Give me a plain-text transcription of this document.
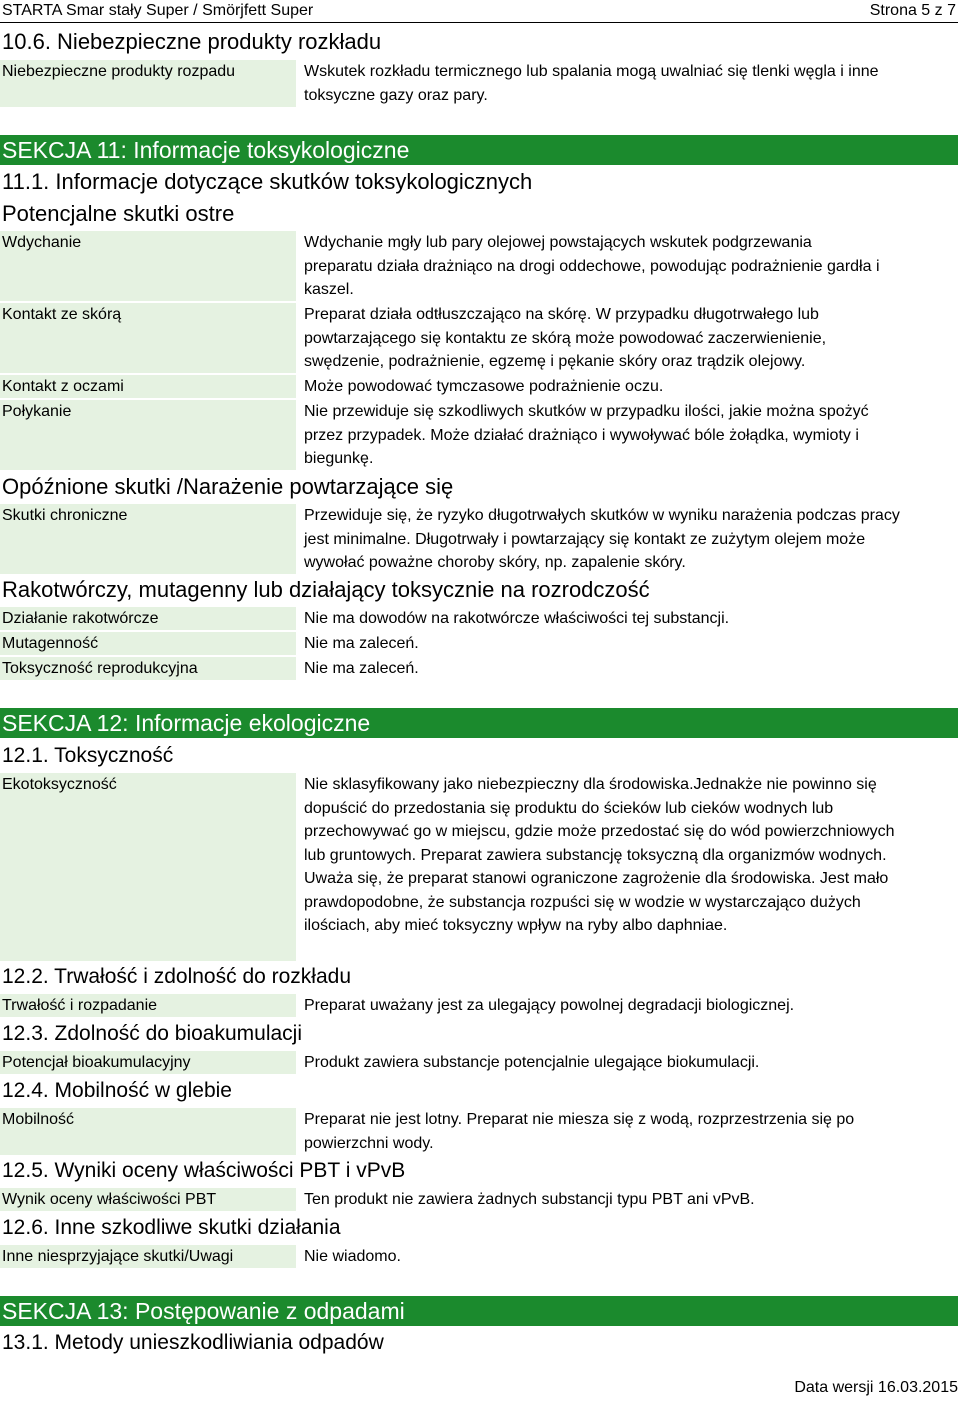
STARTA Smar stały Super / Smörjfett Super	Strona 5 z 7
10.6. Niebezpieczne produkty rozkładu
Niebezpieczne produkty rozpadu	Wskutek rozkładu termicznego lub spalania mogą uwalniać się tlenki węgla i inne toksyczne gazy oraz pary.
SEKCJA 11: Informacje toksykologiczne
11.1. Informacje dotyczące skutków toksykologicznych
Potencjalne skutki ostre
Wdychanie	Wdychanie mgły lub pary olejowej powstających wskutek podgrzewania preparatu działa drażniąco na drogi oddechowe, powodując podrażnienie gardła i kaszel.
Kontakt ze skórą	Preparat działa odtłuszczająco na skórę. W przypadku długotrwałego lub powtarzającego się kontaktu ze skórą może powodować zaczerwienienie, swędzenie, podrażnienie, egzemę i pękanie skóry oraz trądzik olejowy.
Kontakt z oczami	Może powodować tymczasowe podrażnienie oczu.
Połykanie	Nie przewiduje się szkodliwych skutków w przypadku ilości, jakie można spożyć przez przypadek. Może działać drażniąco i wywoływać bóle żołądka, wymioty i biegunkę.
Opóźnione skutki /Narażenie powtarzające się
Skutki chroniczne	Przewiduje się, że ryzyko długotrwałych skutków w wyniku narażenia podczas pracy jest minimalne. Długotrwały i powtarzający się kontakt ze zużytym olejem może wywołać poważne choroby skóry, np. zapalenie skóry.
Rakotwórczy, mutagenny lub działający toksycznie na rozrodczość
Działanie rakotwórcze	Nie ma dowodów na rakotwórcze właściwości tej substancji.
Mutagenność	Nie ma zaleceń.
Toksyczność reprodukcyjna	Nie ma zaleceń.
SEKCJA 12: Informacje ekologiczne
12.1. Toksyczność
Ekotoksyczność	Nie sklasyfikowany jako niebezpieczny dla środowiska.Jednakże nie powinno się dopuścić do przedostania się produktu do ścieków lub cieków wodnych lub przechowywać go w miejscu, gdzie może przedostać się do wód powierzchniowych lub gruntowych. Preparat zawiera substancję toksyczną dla organizmów wodnych. Uważa się, że preparat stanowi ograniczone zagrożenie dla środowiska. Jest mało prawdopodobne, że substancja rozpuści się w wodzie w wystarczająco dużych ilościach, aby mieć toksyczny wpływ na ryby albo daphniae.
12.2. Trwałość i zdolność do rozkładu
Trwałość i rozpadanie	Preparat uważany jest za ulegający powolnej degradacji biologicznej.
12.3. Zdolność do bioakumulacji
Potencjał bioakumulacyjny	Produkt zawiera substancje potencjalnie ulegające biokumulacji.
12.4. Mobilność w glebie
Mobilność	Preparat nie jest lotny. Preparat nie miesza się z wodą, rozprzestrzenia się po powierzchni wody.
12.5. Wyniki oceny właściwości PBT i vPvB
Wynik oceny właściwości PBT	Ten produkt nie zawiera żadnych substancji typu PBT ani vPvB.
12.6. Inne szkodliwe skutki działania
Inne niesprzyjające skutki/Uwagi	Nie wiadomo.
SEKCJA 13: Postępowanie z odpadami
13.1. Metody unieszkodliwiania odpadów
Data wersji 16.03.2015
